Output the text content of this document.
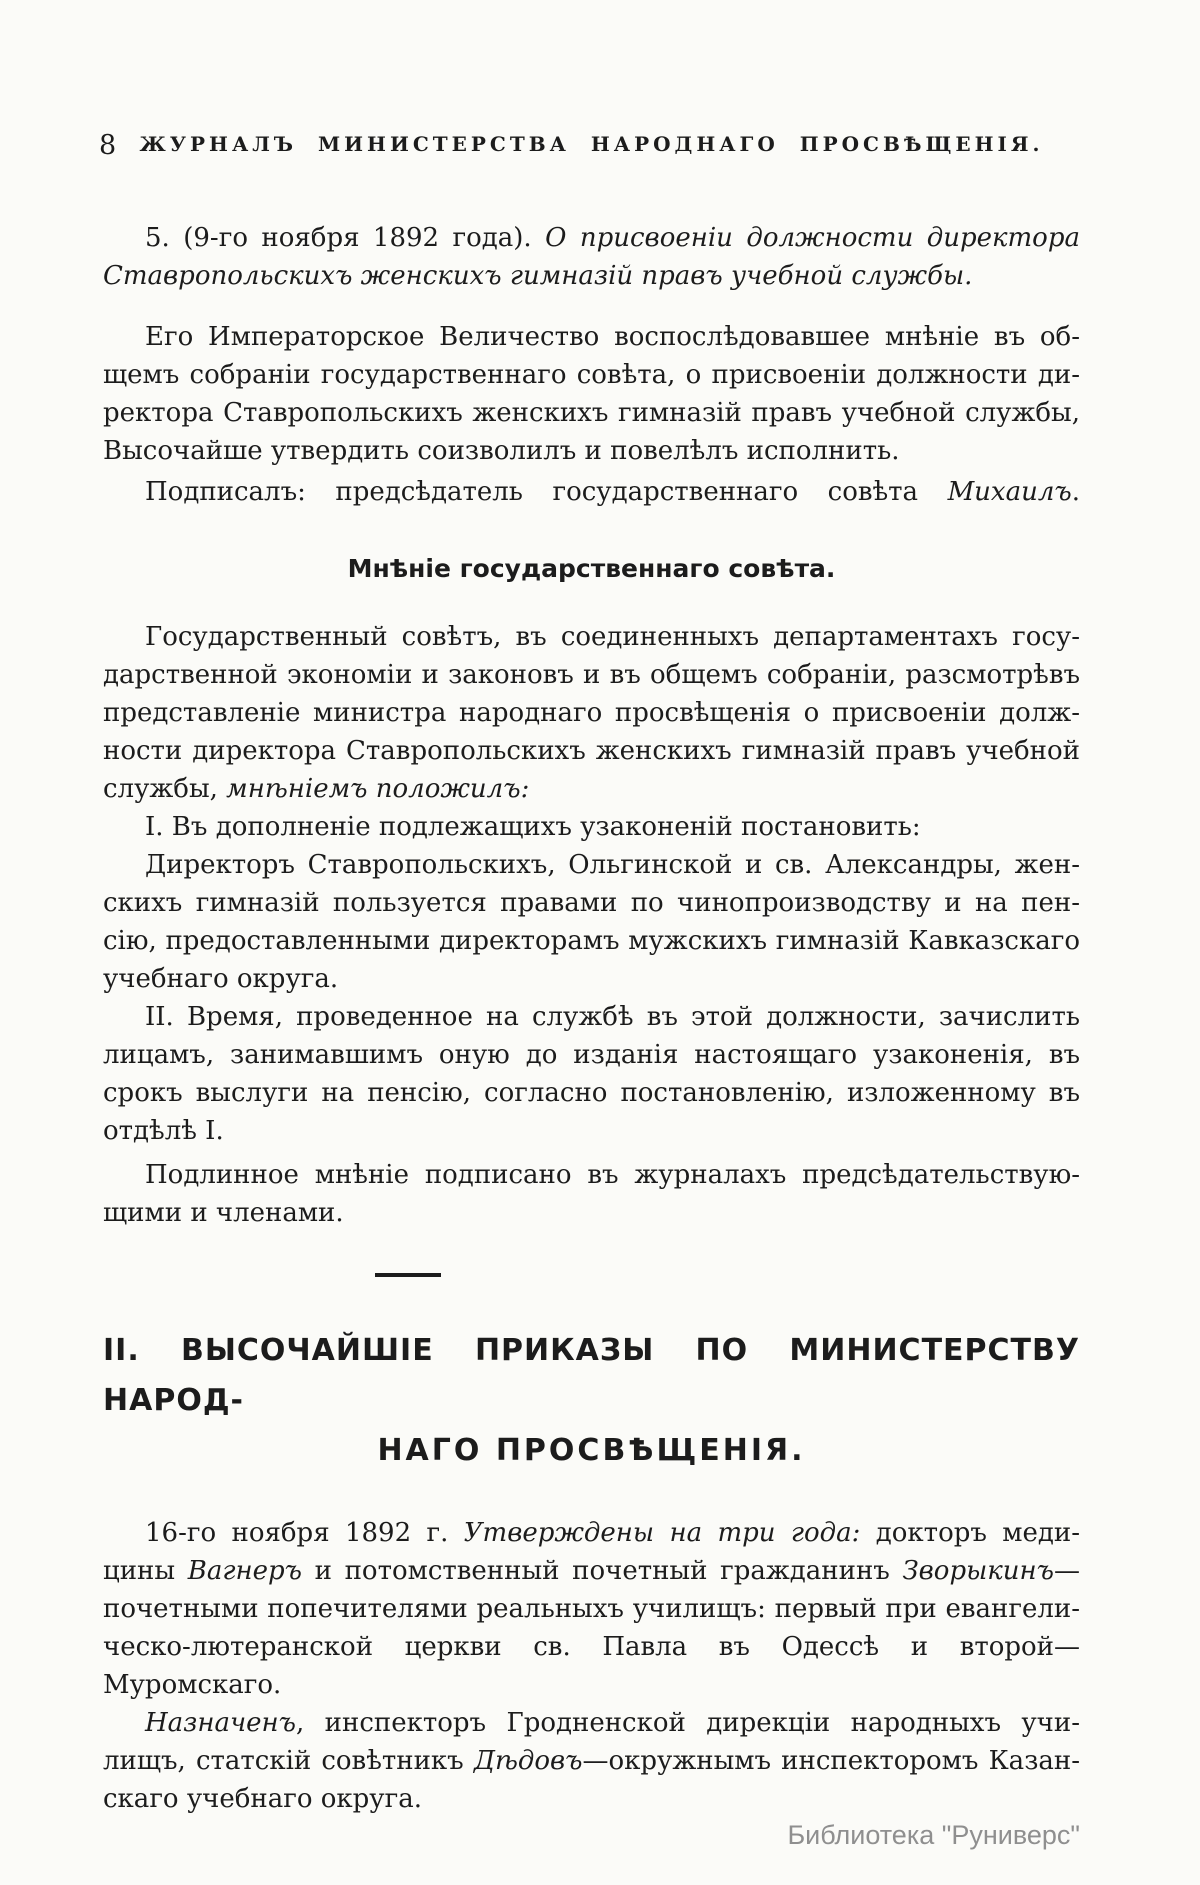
8	ЖУРНАЛЪ МИНИСТЕРСТВА НАРОДНАГО ПРОСВѢЩЕНІЯ.
5. (9-го ноября 1892 года). О присвоеніи должности директора
Ставропольскихъ женскихъ гимназій правъ учебной службы.
Его Императорское Величество воспослѣдовавшее мнѣніе въ об-
щемъ собраніи государственнаго совѣта, о присвоеніи должности ди-
ректора Ставропольскихъ женскихъ гимназій правъ учебной службы,
Высочайше утвердить соизволилъ и повелѣлъ исполнить.
Подписалъ: предсѣдатель государственнаго совѣта Михаилъ.
Мнѣніе государственнаго совѣта.
Государственный совѣтъ, въ соединенныхъ департаментахъ госу-
дарственной экономіи и законовъ и въ общемъ собраніи, разсмотрѣвъ
представленіе министра народнаго просвѣщенія о присвоеніи долж-
ности директора Ставропольскихъ женскихъ гимназій правъ учебной
службы, мнѣніемъ положилъ:
I. Въ дополненіе подлежащихъ узаконеній постановить:
Директоръ Ставропольскихъ, Ольгинской и св. Александры, жен-
скихъ гимназій пользуется правами по чинопроизводству и на пен-
сію, предоставленными директорамъ мужскихъ гимназій Кавказскаго
учебнаго округа.
II. Время, проведенное на службѣ въ этой должности, зачислить
лицамъ, занимавшимъ оную до изданія настоящаго узаконенія, въ
срокъ выслуги на пенсію, согласно постановленію, изложенному въ
отдѣлѣ I.
Подлинное мнѣніе подписано въ журналахъ предсѣдательствую-
щими и членами.
II. ВЫСОЧАЙШІЕ ПРИКАЗЫ ПО МИНИСТЕРСТВУ НАРОД-
НАГО ПРОСВѢЩЕНІЯ.
16-го ноября 1892 г. Утверждены на три года: докторъ меди-
цины Вагнеръ и потомственный почетный гражданинъ Зворыкинъ—
почетными попечителями реальныхъ училищъ: первый при евангели-
ческо-лютеранской церкви св. Павла въ Одессѣ и второй—Муромскаго.
Назначенъ, инспекторъ Гродненской дирекціи народныхъ учи-
лищъ, статскій совѣтникъ Дѣдовъ—окружнымъ инспекторомъ Казан-
скаго учебнаго округа.
Библиотека "Руниверс"
